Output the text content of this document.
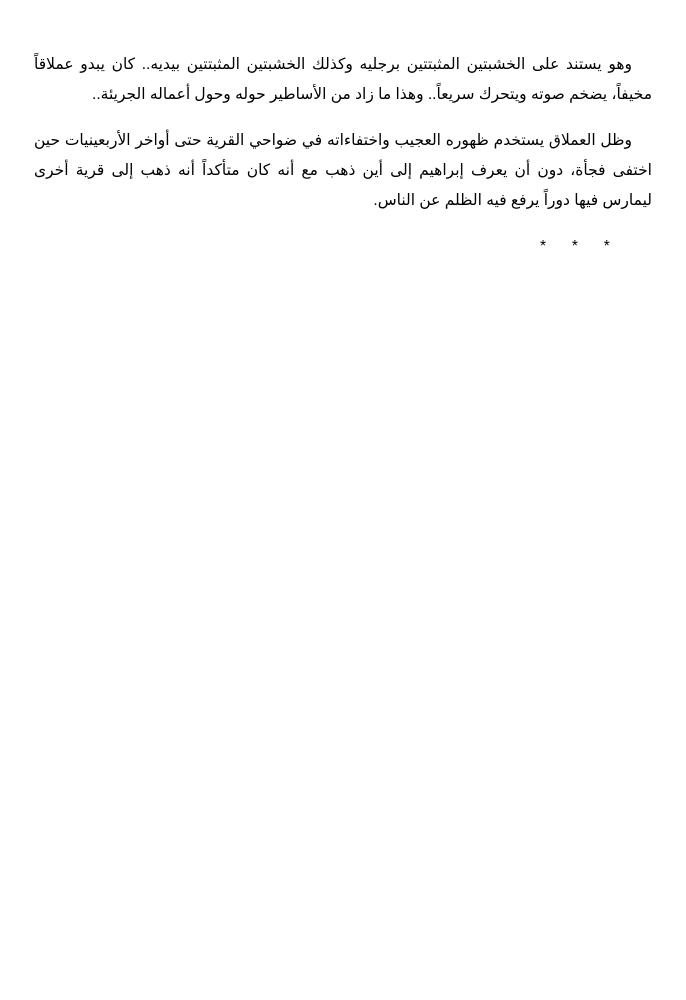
وهو يستند على الخشبتين المثبتتين برجليه وكذلك الخشبتين المثبتتين بيديه.. كان يبدو عملاقاً مخيفاً، يضخم صوته ويتحرك سريعاً.. وهذا ما زاد من الأساطير حوله وحول أعماله الجريئة..

وظل العملاق يستخدم ظهوره العجيب واختفاءاته في ضواحي القرية حتى أواخر الأربعينيات حين اختفى فجأة، دون أن يعرف إبراهيم إلى أين ذهب مع أنه كان متأكداً أنه ذهب إلى قرية أخرى ليمارس فيها دوراً يرفع فيه الظلم عن الناس.

*      *      *
